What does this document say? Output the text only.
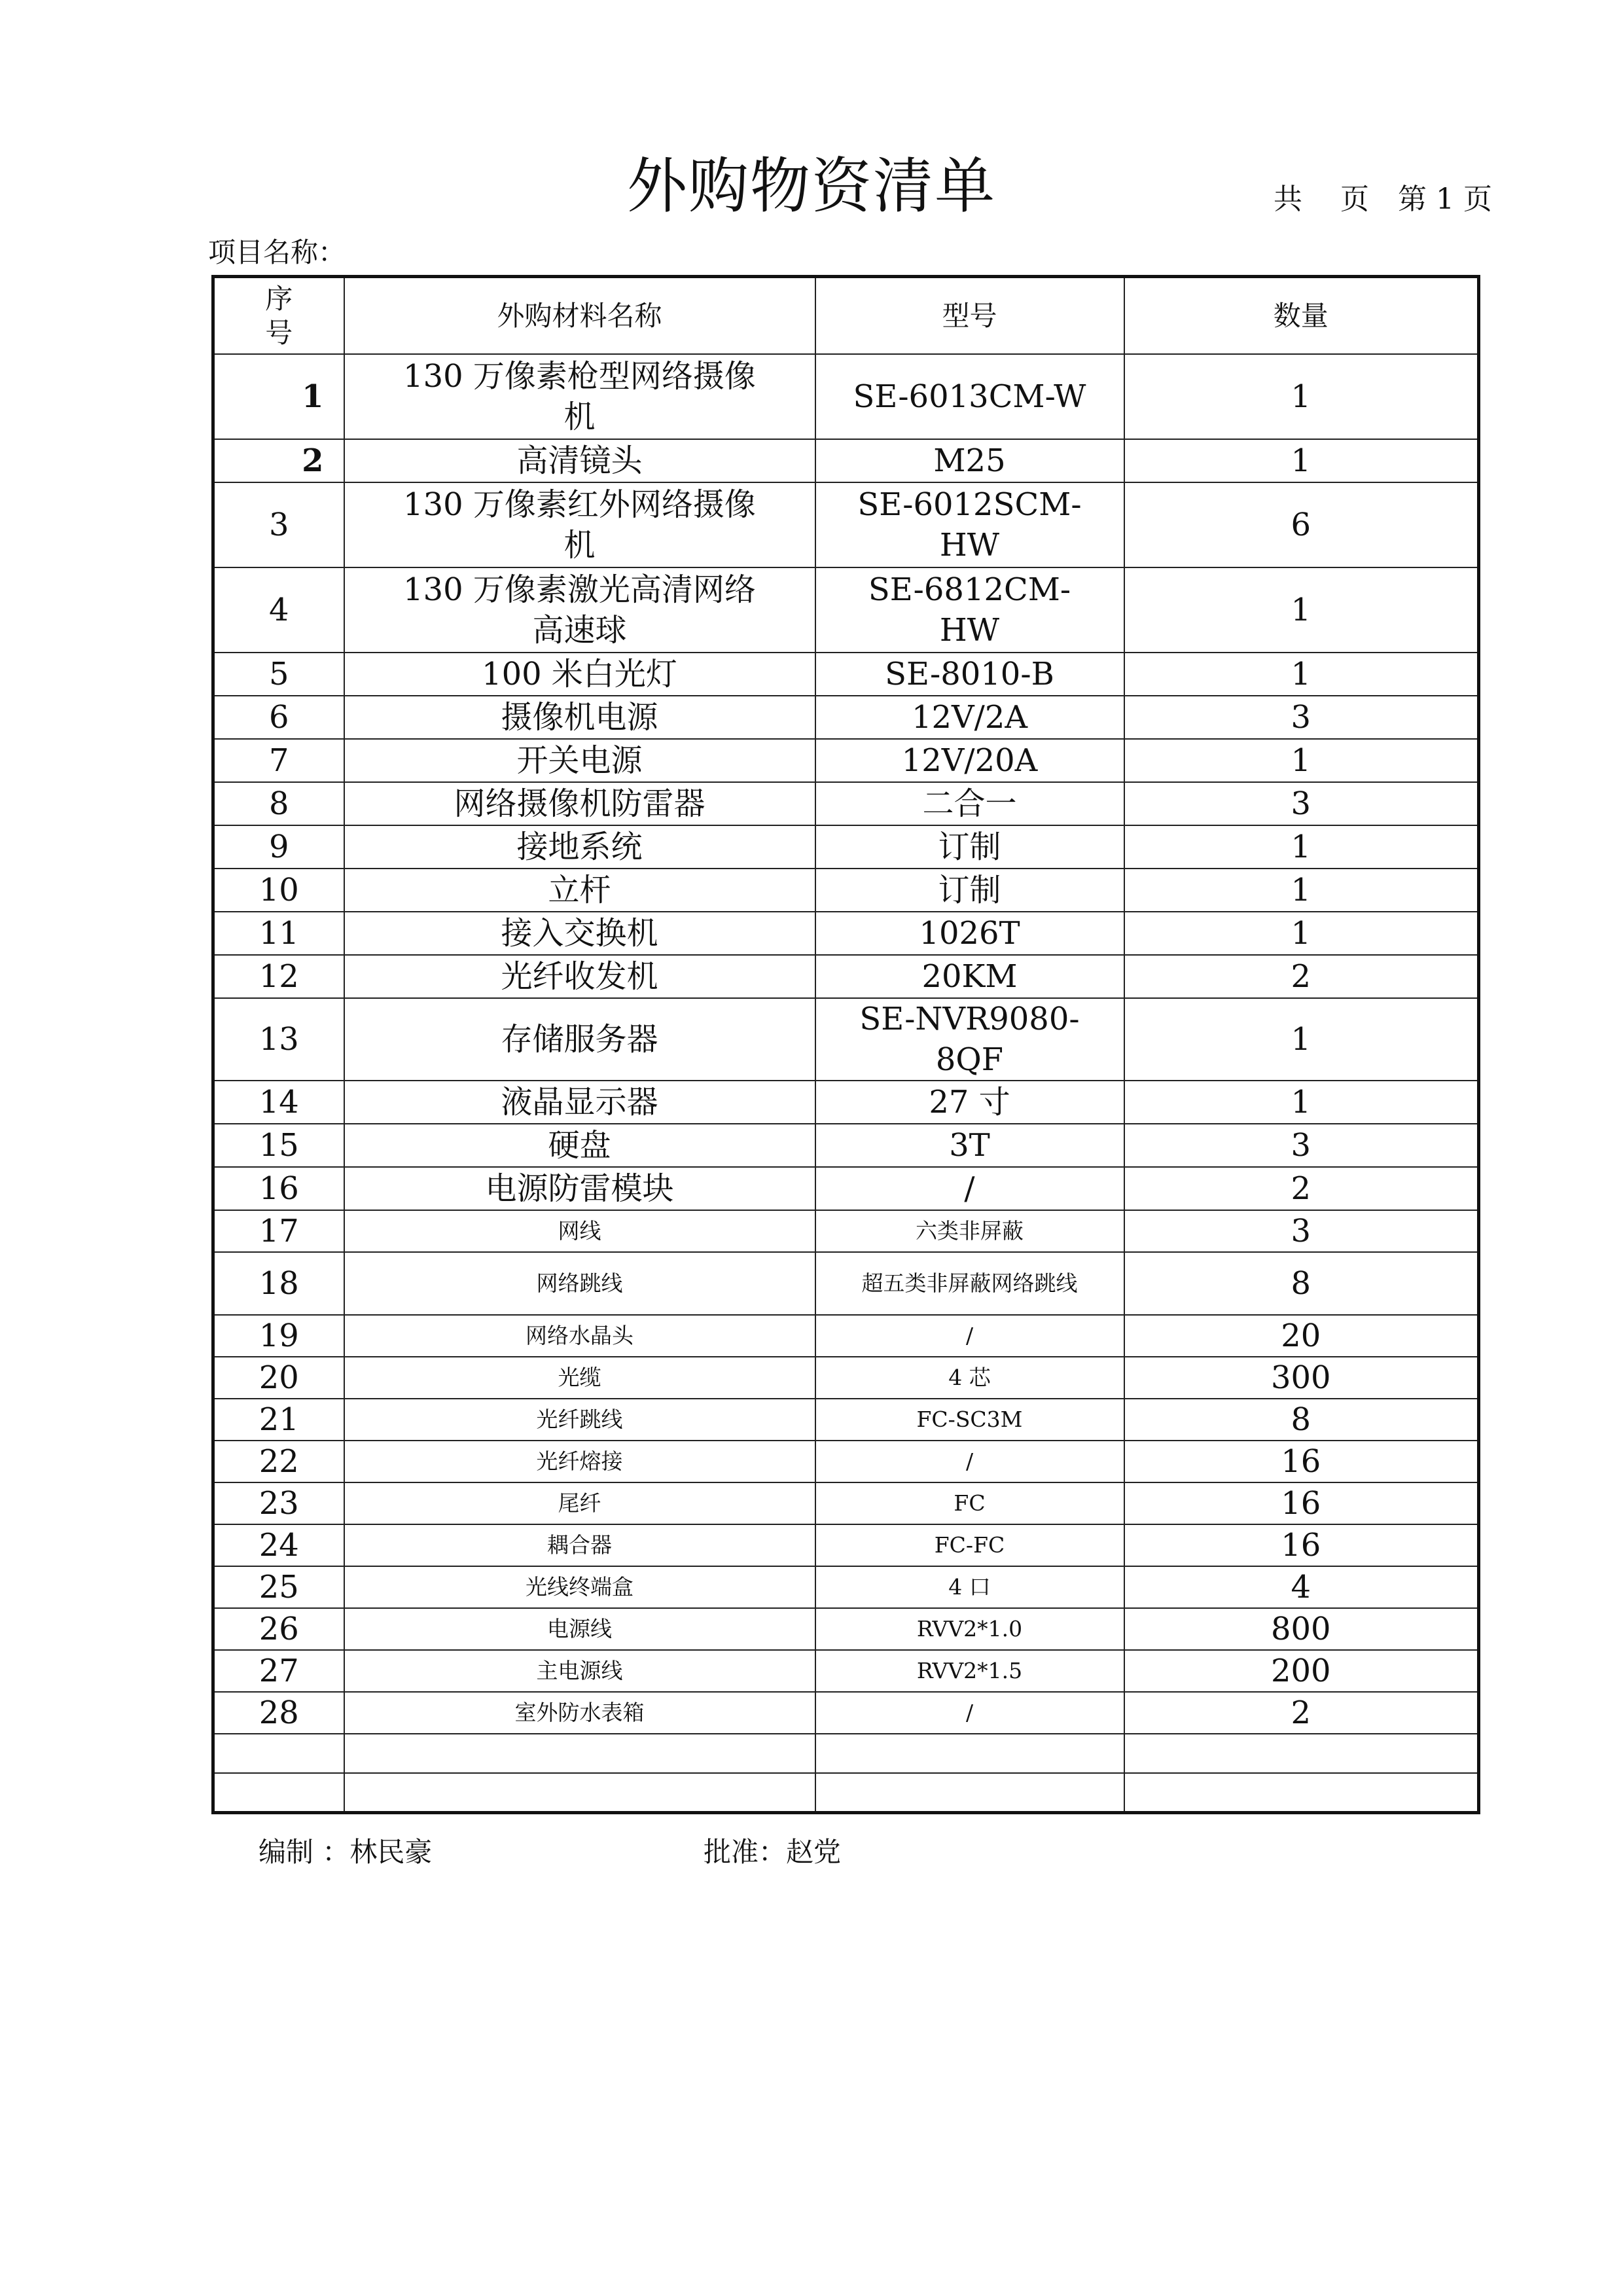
外购物资清单	共　 页　第 1 页
项目名称：
序号	外购材料名称	型号	数量
1	130 万像素枪型网络摄像机	SE-6013CM-W	1
2	高清镜头	M25	1
3	130 万像素红外网络摄像机	SE-6012SCM-HW	6
4	130 万像素激光高清网络高速球	SE-6812CM-HW	1
5	100 米白光灯	SE-8010-B	1
6	摄像机电源	12V/2A	3
7	开关电源	12V/20A	1
8	网络摄像机防雷器	二合一	3
9	接地系统	订制	1
10	立杆	订制	1
11	接入交换机	1026T	1
12	光纤收发机	20KM	2
13	存储服务器	SE-NVR9080-8QF	1
14	液晶显示器	27 寸	1
15	硬盘	3T	3
16	电源防雷模块	/	2
17	网线	六类非屏蔽	3
18	网络跳线	超五类非屏蔽网络跳线	8
19	网络水晶头	/	20
20	光缆	4 芯	300
21	光纤跳线	FC-SC3M	8
22	光纤熔接	/	16
23	尾纤	FC	16
24	耦合器	FC-FC	16
25	光线终端盒	4 口	4
26	电源线	RVV2*1.0	800
27	主电源线	RVV2*1.5	200
28	室外防水表箱	/	2

编制 ：林民豪	批准：赵党
